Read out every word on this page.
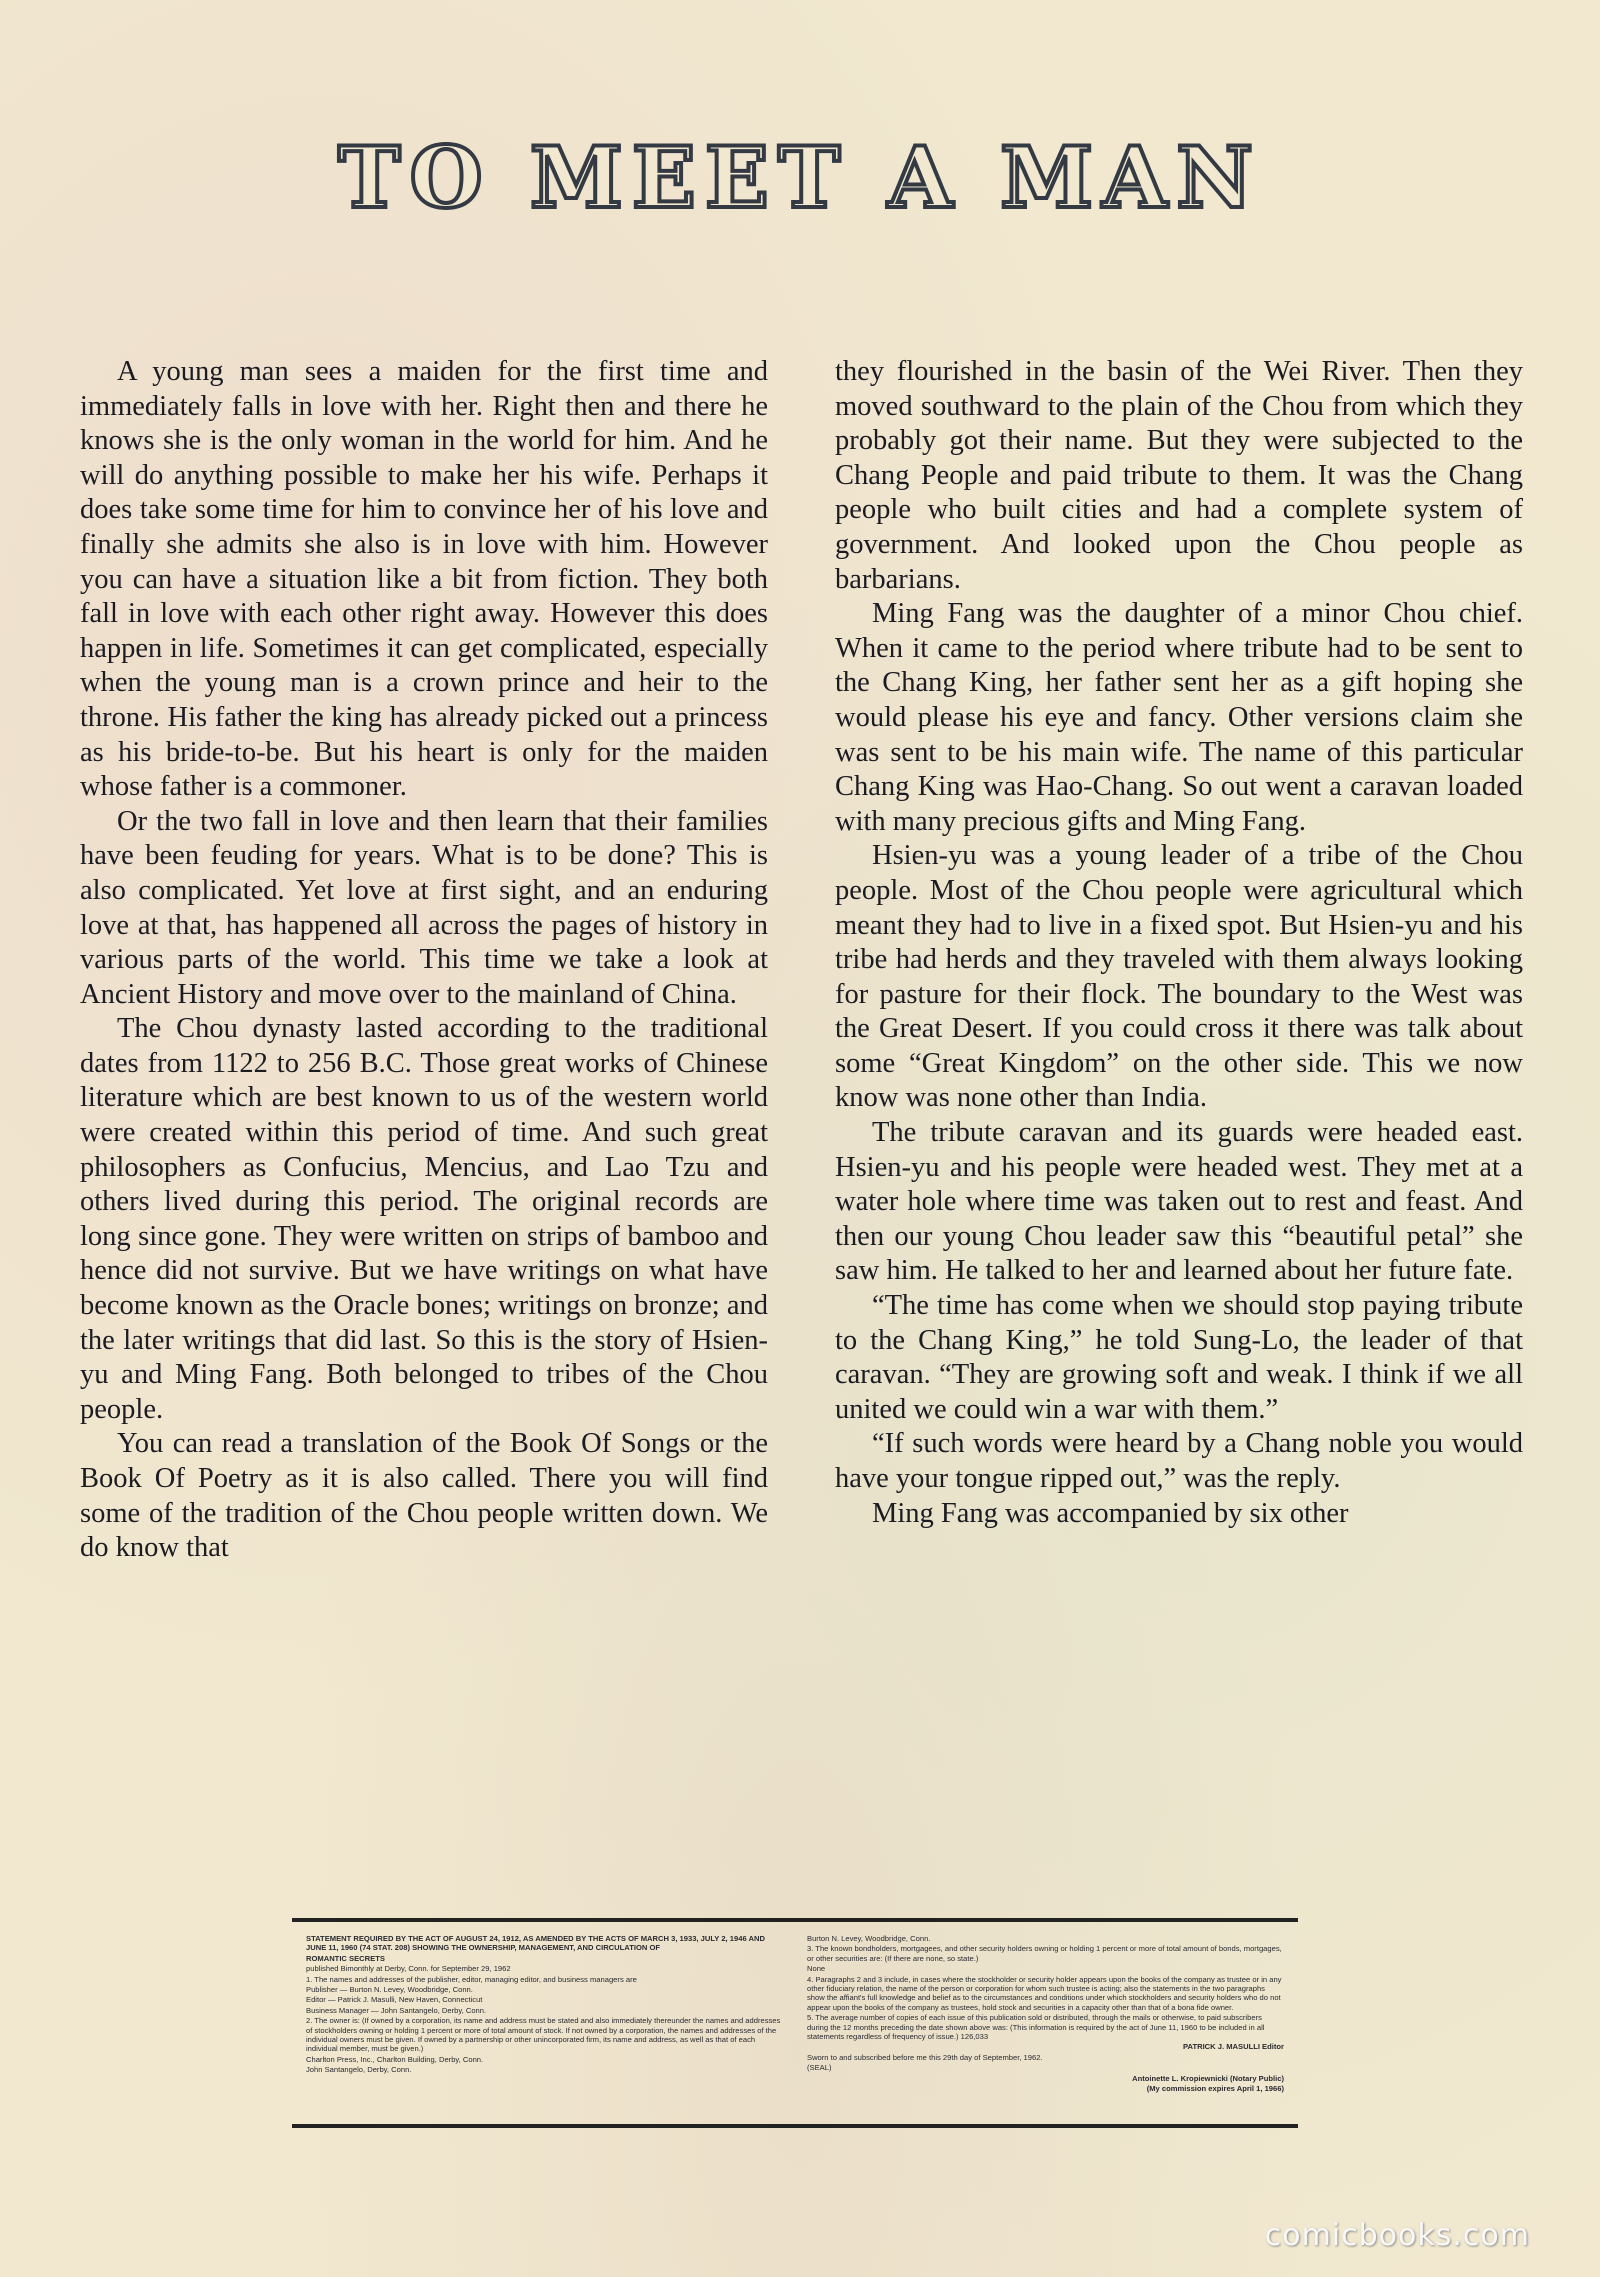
TO MEET A MAN

A young man sees a maiden for the first time and immediately falls in love with her. Right then and there he knows she is the only woman in the world for him. And he will do anything possible to make her his wife. Perhaps it does take some time for him to convince her of his love and finally she admits she also is in love with him. However you can have a situation like a bit from fiction. They both fall in love with each other right away. However this does happen in life. Sometimes it can get complicated, especially when the young man is a crown prince and heir to the throne. His father the king has already picked out a princess as his bride-to-be. But his heart is only for the maiden whose father is a commoner.

Or the two fall in love and then learn that their families have been feuding for years. What is to be done? This is also complicated. Yet love at first sight, and an enduring love at that, has happened all across the pages of history in various parts of the world. This time we take a look at Ancient History and move over to the mainland of China.

The Chou dynasty lasted according to the traditional dates from 1122 to 256 B.C. Those great works of Chinese literature which are best known to us of the western world were created within this period of time. And such great philosophers as Confucius, Mencius, and Lao Tzu and others lived during this period. The original records are long since gone. They were written on strips of bamboo and hence did not survive. But we have writings on what have become known as the Oracle bones; writings on bronze; and the later writings that did last. So this is the story of Hsien-yu and Ming Fang. Both belonged to tribes of the Chou people.

You can read a translation of the Book Of Songs or the Book Of Poetry as it is also called. There you will find some of the tradition of the Chou people written down. We do know that

they flourished in the basin of the Wei River. Then they moved southward to the plain of the Chou from which they probably got their name. But they were subjected to the Chang People and paid tribute to them. It was the Chang people who built cities and had a complete system of government. And looked upon the Chou people as barbarians.

Ming Fang was the daughter of a minor Chou chief. When it came to the period where tribute had to be sent to the Chang King, her father sent her as a gift hoping she would please his eye and fancy. Other versions claim she was sent to be his main wife. The name of this particular Chang King was Hao-Chang. So out went a caravan loaded with many precious gifts and Ming Fang.

Hsien-yu was a young leader of a tribe of the Chou people. Most of the Chou people were agricultural which meant they had to live in a fixed spot. But Hsien-yu and his tribe had herds and they traveled with them always looking for pasture for their flock. The boundary to the West was the Great Desert. If you could cross it there was talk about some “Great Kingdom” on the other side. This we now know was none other than India.

The tribute caravan and its guards were headed east. Hsien-yu and his people were headed west. They met at a water hole where time was taken out to rest and feast. And then our young Chou leader saw this “beautiful petal” she saw him. He talked to her and learned about her future fate.

“The time has come when we should stop paying tribute to the Chang King,” he told Sung-Lo, the leader of that caravan. “They are growing soft and weak. I think if we all united we could win a war with them.”

“If such words were heard by a Chang noble you would have your tongue ripped out,” was the reply.

Ming Fang was accompanied by six other

STATEMENT REQUIRED BY THE ACT OF AUGUST 24, 1912, AS AMENDED BY THE ACTS OF MARCH 3, 1933, JULY 2, 1946 AND JUNE 11, 1960 (74 STAT. 208) SHOWING THE OWNERSHIP, MANAGEMENT, AND CIRCULATION OF

ROMANTIC SECRETS

published Bimonthly at Derby, Conn. for September 29, 1962

1. The names and addresses of the publisher, editor, managing editor, and business managers are

Publisher — Burton N. Levey, Woodbridge, Conn.

Editor — Patrick J. Masulli, New Haven, Connecticut

Business Manager — John Santangelo, Derby, Conn.

2. The owner is: (If owned by a corporation, its name and address must be stated and also immediately thereunder the names and addresses of stockholders owning or holding 1 percent or more of total amount of stock. If not owned by a corporation, the names and addresses of the individual owners must be given. If owned by a partnership or other unincorporated firm, its name and address, as well as that of each individual member, must be given.)

Charlton Press, Inc., Charlton Building, Derby, Conn.

John Santangelo, Derby, Conn.

Burton N. Levey, Woodbridge, Conn.

3. The known bondholders, mortgagees, and other security holders owning or holding 1 percent or more of total amount of bonds, mortgages, or other securities are: (If there are none, so state.)

None

4. Paragraphs 2 and 3 include, in cases where the stockholder or security holder appears upon the books of the company as trustee or in any other fiduciary relation, the name of the person or corporation for whom such trustee is acting; also the statements in the two paragraphs show the affiant's full knowledge and belief as to the circumstances and conditions under which stockholders and security holders who do not appear upon the books of the company as trustees, hold stock and securities in a capacity other than that of a bona fide owner.

5. The average number of copies of each issue of this publication sold or distributed, through the mails or otherwise, to paid subscribers during the 12 months preceding the date shown above was: (This information is required by the act of June 11, 1960 to be included in all statements regardless of frequency of issue.) 126,033

PATRICK J. MASULLI Editor

Sworn to and subscribed before me this 29th day of September, 1962.

(SEAL)

Antoinette L. Kropiewnicki (Notary Public)

(My commission expires April 1, 1966)

comicbooks.com
